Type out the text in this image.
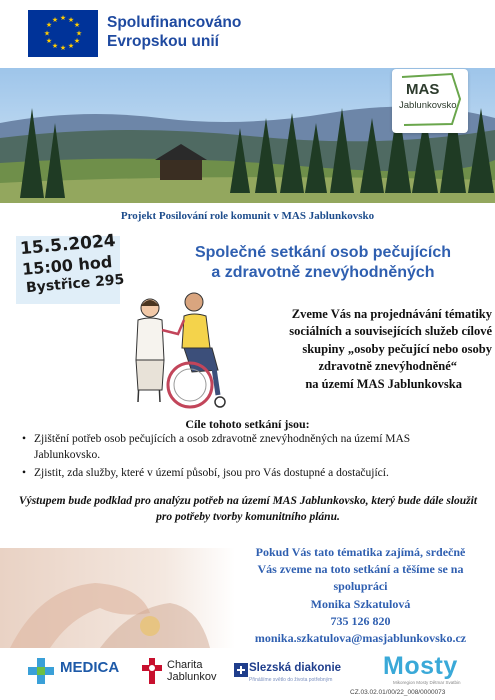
★ ★
★
★
★
★
★
★
★
★
★
★	Spolufinancováno
Evropskou unií
MAS
Jablunkovsko
Projekt Posilování role komunit v MAS Jablunkovsko
15.5.2024
15:00 hod
Bystřice 295
Společné setkání osob pečujících
a zdravotně znevýhodněných
Zveme Vás na projednávání tématiky
sociálních a souvisejících služeb cílové
skupiny „osoby pečující nebo osoby
zdravotně znevýhodněné“
na území MAS Jablunkovska
Cíle tohoto setkání jsou:
• Zjištění potřeb osob pečujících a osob zdravotně znevýhodněných na území MAS Jablunkovsko.
• Zjistit, zda služby, které v území působí, jsou pro Vás dostupné a dostačující.
Výstupem bude podklad pro analýzu potřeb na území MAS Jablunkovsko, který bude dále sloužit pro potřeby tvorby komunitního plánu.
Pokud Vás tato tématika zajímá, srdečně
Vás zveme na toto setkání a těšíme se na
spolupráci
Monika Szkatulová
735 126 820
monika.szkatulova@masjablunkovsko.cz
MEDICA	Charita
Jablunkov
Slezská diakonie
Přinášíme světlo do života potřebným Mosty
Mikoregion Mosty Dětmar Svatbin
CZ.03.02.01/00/22_008/0000073
